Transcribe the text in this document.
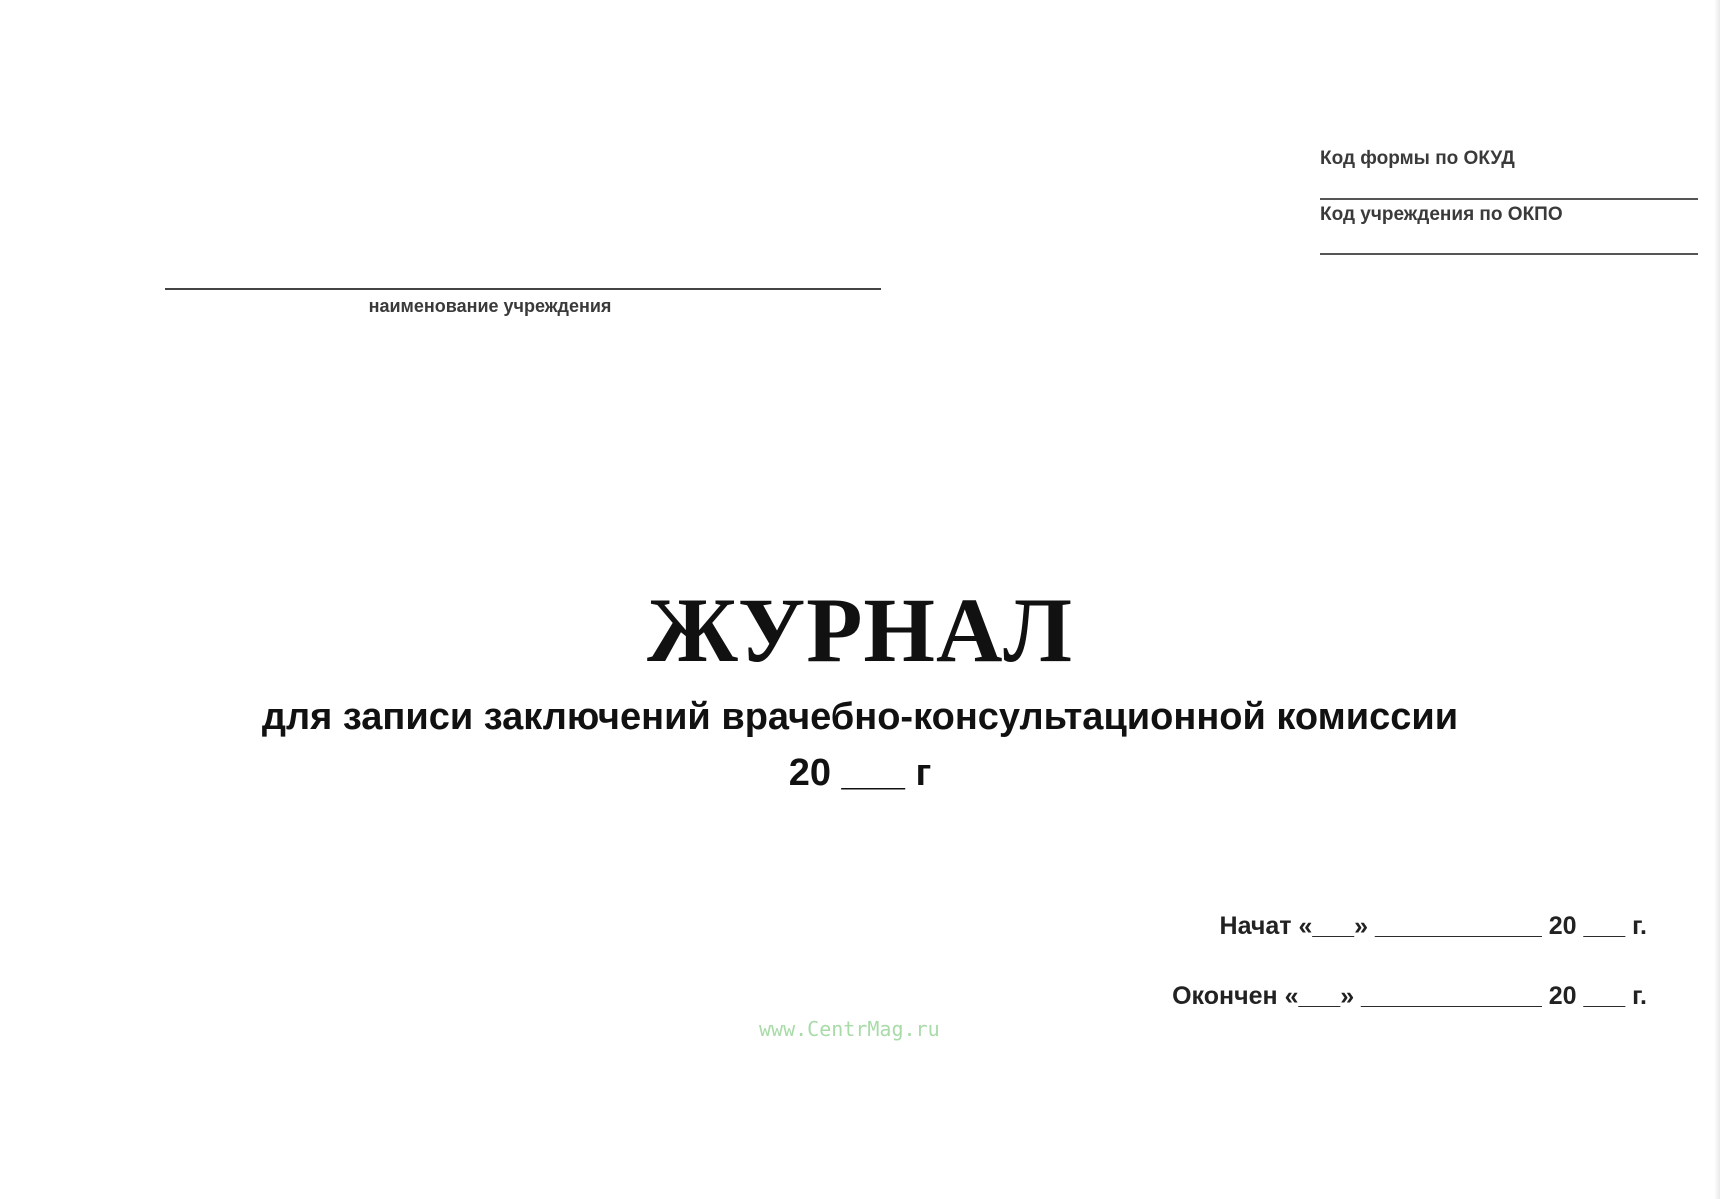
Код формы по ОКУД
Код учреждения по ОКПО
наименование учреждения
ЖУРНАЛ
для записи заключений врачебно-консультационной комиссии
20 ___ г
Начат «___» ____________ 20 ___ г.
Окончен «___» _____________ 20 ___ г.
www.CentrMag.ru
